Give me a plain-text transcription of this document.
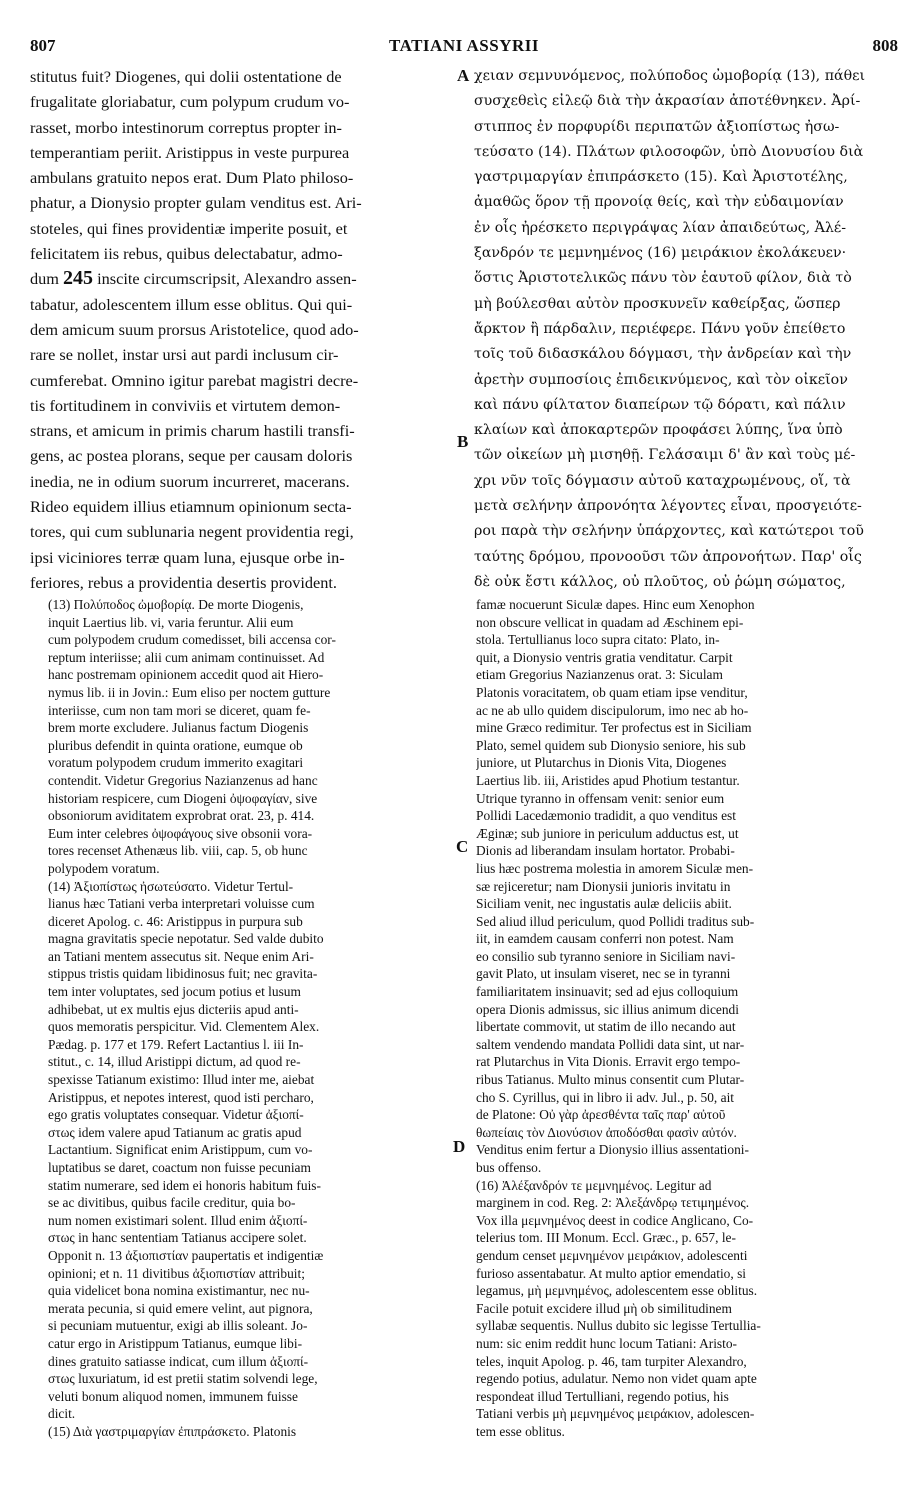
807	TATIANI ASSYRII	808
stitutus fuit? Diogenes, qui dolii ostentatione de
frugalitate gloriabatur, cum polypum crudum vo-
rasset, morbo intestinorum correptus propter in-
temperantiam periit. Aristippus in veste purpurea
ambulans gratuito nepos erat. Dum Plato philoso-
phatur, a Dionysio propter gulam venditus est. Ari-
stoteles, qui fines providentiæ imperite posuit, et
felicitatem iis rebus, quibus delectabatur, admo-
dum 245 inscite circumscripsit, Alexandro assen-
tabatur, adolescentem illum esse oblitus. Qui qui-
dem amicum suum prorsus Aristotelice, quod ado-
rare se nollet, instar ursi aut pardi inclusum cir-
cumferebat. Omnino igitur parebat magistri decre-
tis fortitudinem in conviviis et virtutem demon-
strans, et amicum in primis charum hastili transfi-
gens, ac postea plorans, seque per causam doloris
inedia, ne in odium suorum incurreret, macerans.
Rideo equidem illius etiamnum opinionum secta-
tores, qui cum sublunaria negent providentia regi,
ipsi viciniores terræ quam luna, ejusque orbe in-
feriores, rebus a providentia desertis provident.
χειαν σεμνυνόμενος, πολύποδος ὠμοβορίᾳ (13), πάθει
συσχεθεὶς εἰλεῷ διὰ τὴν ἀκρασίαν ἀποτέθνηκεν. Ἀρί-
στιππος ἐν πορφυρίδι περιπατῶν ἀξιοπίστως ἠσω-
τεύσατο (14). Πλάτων φιλοσοφῶν, ὑπὸ Διονυσίου διὰ
γαστριμαργίαν ἐπιπράσκετο (15). Καὶ Ἀριστοτέλης,
ἀμαθῶς ὅρον τῇ προνοίᾳ θείς, καὶ τὴν εὐδαιμονίαν
ἐν οἷς ἠρέσκετο περιγράψας λίαν ἀπαιδεύτως, Ἀλέ-
ξανδρόν τε μεμνημένος (16) μειράκιον ἐκολάκευεν·
ὅστις Ἀριστοτελικῶς πάνυ τὸν ἑαυτοῦ φίλον, διὰ τὸ
μὴ βούλεσθαι αὐτὸν προσκυνεῖν καθείρξας, ὥσπερ
ἄρκτον ἢ πάρδαλιν, περιέφερε. Πάνυ γοῦν ἐπείθετο
τοῖς τοῦ διδασκάλου δόγμασι, τὴν ἀνδρείαν καὶ τὴν
ἀρετὴν συμποσίοις ἐπιδεικνύμενος, καὶ τὸν οἰκεῖον
καὶ πάνυ φίλτατον διαπείρων τῷ δόρατι, καὶ πάλιν
κλαίων καὶ ἀποκαρτερῶν προφάσει λύπης, ἵνα ὑπὸ
τῶν οἰκείων μὴ μισηθῇ. Γελάσαιμι δ' ἂν καὶ τοὺς μέ-
χρι νῦν τοῖς δόγμασιν αὐτοῦ καταχρωμένους, οἵ, τὰ
μετὰ σελήνην ἀπρονόητα λέγοντες εἶναι, προσγειότε-
ροι παρὰ τὴν σελήνην ὑπάρχοντες, καὶ κατώτεροι τοῦ
ταύτης δρόμου, προνοοῦσι τῶν ἀπρονοήτων. Παρ' οἷς
δὲ οὐκ ἔστι κάλλος, οὐ πλοῦτος, οὐ ῥώμη σώματος,
A
B
C
D
(13) Πολύποδος ὠμοβορίᾳ. De morte Diogenis,
inquit Laertius lib. vi, varia feruntur. Alii eum
cum polypodem crudum comedisset, bili accensa cor-
reptum interiisse; alii cum animam continuisset. Ad
hanc postremam opinionem accedit quod ait Hiero-
nymus lib. ii in Jovin.: Eum eliso per noctem gutture
interiisse, cum non tam mori se diceret, quam fe-
brem morte excludere. Julianus factum Diogenis
pluribus defendit in quinta oratione, eumque ob
voratum polypodem crudum immerito exagitari
contendit. Videtur Gregorius Nazianzenus ad hanc
historiam respicere, cum Diogeni ὀψοφαγίαν, sive
obsoniorum aviditatem exprobrat orat. 23, p. 414.
Eum inter celebres ὀψοφάγους sive obsonii vora-
tores recenset Athenæus lib. viii, cap. 5, ob hunc
polypodem voratum.
(14) Ἀξιοπίστως ἠσωτεύσατο. Videtur Tertul-
lianus hæc Tatiani verba interpretari voluisse cum
diceret Apolog. c. 46: Aristippus in purpura sub
magna gravitatis specie nepotatur. Sed valde dubito
an Tatiani mentem assecutus sit. Neque enim Ari-
stippus tristis quidam libidinosus fuit; nec gravita-
tem inter voluptates, sed jocum potius et lusum
adhibebat, ut ex multis ejus dicteriis apud anti-
quos memoratis perspicitur. Vid. Clementem Alex.
Pædag. p. 177 et 179. Refert Lactantius l. iii In-
stitut., c. 14, illud Aristippi dictum, ad quod re-
spexisse Tatianum existimo: Illud inter me, aiebat
Aristippus, et nepotes interest, quod isti percharo,
ego gratis voluptates consequar. Videtur ἀξιοπί-
στως idem valere apud Tatianum ac gratis apud
Lactantium. Significat enim Aristippum, cum vo-
luptatibus se daret, coactum non fuisse pecuniam
statim numerare, sed idem ei honoris habitum fuis-
se ac divitibus, quibus facile creditur, quia bo-
num nomen existimari solent. Illud enim ἀξιοπί-
στως in hanc sententiam Tatianus accipere solet.
Opponit n. 13 ἀξιοπιστίαν paupertatis et indigentiæ
opinioni; et n. 11 divitibus ἀξιοπιστίαν attribuit;
quia videlicet bona nomina existimantur, nec nu-
merata pecunia, si quid emere velint, aut pignora,
si pecuniam mutuentur, exigi ab illis soleant. Jo-
catur ergo in Aristippum Tatianus, eumque libi-
dines gratuito satiasse indicat, cum illum ἀξιοπί-
στως luxuriatum, id est pretii statim solvendi lege,
veluti bonum aliquod nomen, immunem fuisse
dicit.
(15) Διὰ γαστριμαργίαν ἐπιπράσκετο. Platonis
famæ nocuerunt Siculæ dapes. Hinc eum Xenophon
non obscure vellicat in quadam ad Æschinem epi-
stola. Tertullianus loco supra citato: Plato, in-
quit, a Dionysio ventris gratia venditatur. Carpit
etiam Gregorius Nazianzenus orat. 3: Siculam
Platonis voracitatem, ob quam etiam ipse venditur,
ac ne ab ullo quidem discipulorum, imo nec ab ho-
mine Græco redimitur. Ter profectus est in Siciliam
Plato, semel quidem sub Dionysio seniore, his sub
juniore, ut Plutarchus in Dionis Vita, Diogenes
Laertius lib. iii, Aristides apud Photium testantur.
Utrique tyranno in offensam venit: senior eum
Pollidi Lacedæmonio tradidit, a quo venditus est
Æginæ; sub juniore in periculum adductus est, ut
Dionis ad liberandam insulam hortator. Probabi-
lius hæc postrema molestia in amorem Siculæ men-
sæ rejiceretur; nam Dionysii junioris invitatu in
Siciliam venit, nec ingustatis aulæ deliciis abiit.
Sed aliud illud periculum, quod Pollidi traditus sub-
iit, in eamdem causam conferri non potest. Nam
eo consilio sub tyranno seniore in Siciliam navi-
gavit Plato, ut insulam viseret, nec se in tyranni
familiaritatem insinuavit; sed ad ejus colloquium
opera Dionis admissus, sic illius animum dicendi
libertate commovit, ut statim de illo necando aut
saltem vendendo mandata Pollidi data sint, ut nar-
rat Plutarchus in Vita Dionis. Erravit ergo tempo-
ribus Tatianus. Multo minus consentit cum Plutar-
cho S. Cyrillus, qui in libro ii adv. Jul., p. 50, ait
de Platone: Οὐ γὰρ ἀρεσθέντα ταῖς παρ' αὐτοῦ
θωπείαις τὸν Διονύσιον ἀποδόσθαι φασὶν αὐτόν.
Venditus enim fertur a Dionysio illius assentationi-
bus offenso.
(16) Ἀλέξανδρόν τε μεμνημένος. Legitur ad
marginem in cod. Reg. 2: Ἀλεξάνδρῳ τετιμημένος.
Vox illa μεμνημένος deest in codice Anglicano, Co-
telerius tom. III Monum. Eccl. Græc., p. 657, le-
gendum censet μεμνημένον μειράκιον, adolescenti
furioso assentabatur. At multo aptior emendatio, si
legamus, μὴ μεμνημένος, adolescentem esse oblitus.
Facile potuit excidere illud μὴ ob similitudinem
syllabæ sequentis. Nullus dubito sic legisse Tertullia-
num: sic enim reddit hunc locum Tatiani: Aristo-
teles, inquit Apolog. p. 46, tam turpiter Alexandro,
regendo potius, adulatur. Nemo non videt quam apte
respondeat illud Tertulliani, regendo potius, his
Tatiani verbis μὴ μεμνημένος μειράκιον, adolescen-
tem esse oblitus.
